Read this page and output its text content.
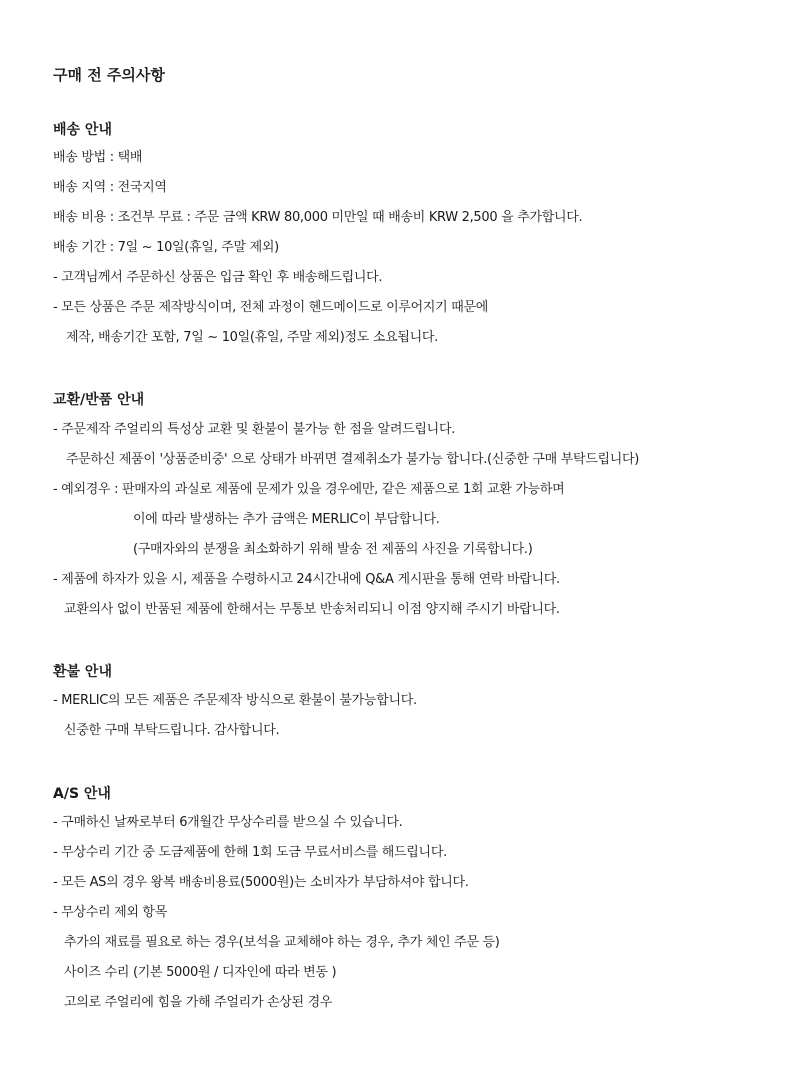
구매 전 주의사항
배송 안내
배송 방법 : 택배
배송 지역 : 전국지역
배송 비용 : 조건부 무료 : 주문 금액 KRW 80,000 미만일 때 배송비 KRW 2,500 을 추가합니다.
배송 기간 : 7일 ~ 10일(휴일, 주말 제외)
- 고객님께서 주문하신 상품은 입금 확인 후 배송해드립니다.
- 모든 상품은 주문 제작방식이며, 전체 과정이 헨드메이드로 이루어지기 때문에
제작, 배송기간 포함, 7일 ~ 10일(휴일, 주말 제외)정도 소요됩니다.
교환/반품 안내
- 주문제작 주얼리의 특성상 교환 및 환불이 불가능 한 점을 알려드립니다.
주문하신 제품이 '상품준비중' 으로 상태가 바뀌면 결제취소가 불가능 합니다.(신중한 구매 부탁드립니다)
- 예외경우 : 판매자의 과실로 제품에 문제가 있을 경우에만, 같은 제품으로 1회 교환 가능하며
이에 따라 발생하는 추가 금액은 MERLIC이 부담합니다.
(구매자와의 분쟁을 최소화하기 위해 발송 전 제품의 사진을 기록합니다.)
- 제품에 하자가 있을 시, 제품을 수령하시고 24시간내에 Q&A 게시판을 통해 연락 바랍니다.
교환의사 없이 반품된 제품에 한해서는 무통보 반송처리되니 이점 양지해 주시기 바랍니다.
환불 안내
- MERLIC의 모든 제품은 주문제작 방식으로 환불이 불가능합니다.
신중한 구매 부탁드립니다. 감사합니다.
A/S 안내
- 구매하신 날짜로부터 6개월간 무상수리를 받으실 수 있습니다.
- 무상수리 기간 중 도금제품에 한해 1회 도금 무료서비스를 해드립니다.
- 모든 AS의 경우 왕복 배송비용료(5000원)는 소비자가 부담하셔야 합니다.
- 무상수리 제외 항목
추가의 재료를 필요로 하는 경우(보석을 교체해야 하는 경우, 추가 체인 주문 등)
사이즈 수리 (기본 5000원 / 디자인에 따라 변동 )
고의로 주얼리에 힘을 가해 주얼리가 손상된 경우
